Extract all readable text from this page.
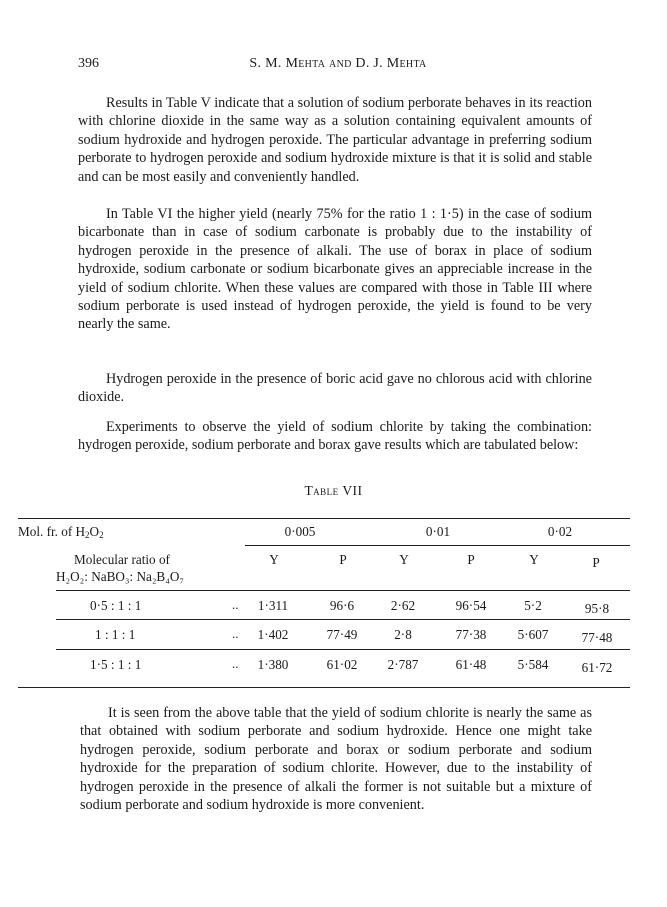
396	S. M. Mehta and D. J. Mehta

Results in Table V indicate that a solution of sodium perborate behaves in its reaction with chlorine dioxide in the same way as a solution containing equivalent amounts of sodium hydroxide and hydrogen peroxide. The particular advantage in preferring sodium perborate to hydrogen peroxide and sodium hydroxide mixture is that it is solid and stable and can be most easily and conveniently handled.

In Table VI the higher yield (nearly 75% for the ratio 1 : 1·5) in the case of sodium bicarbonate than in case of sodium carbonate is probably due to the instability of hydrogen peroxide in the presence of alkali. The use of borax in place of sodium hydroxide, sodium carbonate or sodium bicarbonate gives an appreciable increase in the yield of sodium chlorite. When these values are compared with those in Table III where sodium perborate is used instead of hydrogen peroxide, the yield is found to be very nearly the same.

Hydrogen peroxide in the presence of boric acid gave no chlorous acid with chlorine dioxide.

Experiments to observe the yield of sodium chlorite by taking the combination: hydrogen peroxide, sodium perborate and borax gave results which are tabulated below:

Table VII
Mol. fr. of $H_2O_2$	0·005	0·01	0·02
Molecular ratio of
H₂O₂: NaBO₃: Na₂B₄O₇
Y	P	Y	P	Y	P
0·5 : 1 : 1	..	1·311	96·6	2·62	96·54	5·2	95·8
1 : 1 : 1	..	1·402	77·49	2·8	77·38	5·607	77·48
1·5 : 1 : 1	..	1·380	61·02	2·787	61·48	5·584	61·72

It is seen from the above table that the yield of sodium chlorite is nearly the same as that obtained with sodium perborate and sodium hydroxide. Hence one might take hydrogen peroxide, sodium perborate and borax or sodium perborate and sodium hydroxide for the preparation of sodium chlorite. However, due to the instability of hydrogen peroxide in the presence of alkali the former is not suitable but a mixture of sodium perborate and sodium hydroxide is more convenient.
